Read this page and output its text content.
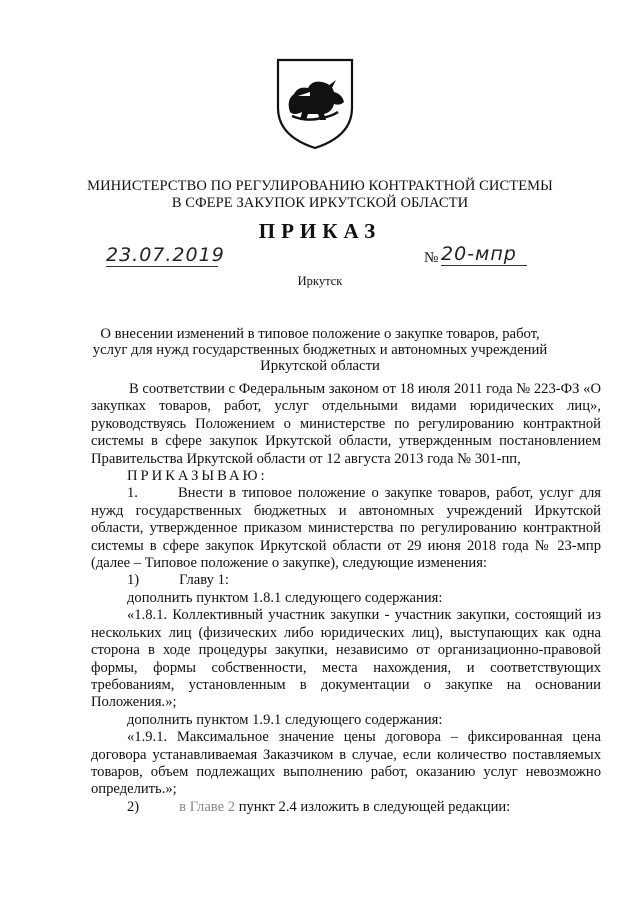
МИНИСТЕРСТВО ПО РЕГУЛИРОВАНИЮ КОНТРАКТНОЙ СИСТЕМЫ
В СФЕРЕ ЗАКУПОК ИРКУТСКОЙ ОБЛАСТИ
ПРИКАЗ
23.07.2019	№ 20-мпр
Иркутск
О внесении изменений в типовое положение о закупке товаров, работ, услуг для нужд государственных бюджетных и автономных учреждений Иркутской области

В соответствии с Федеральным законом от 18 июля 2011 года № 223-ФЗ «О закупках товаров, работ, услуг отдельными видами юридических лиц», руководствуясь Положением о министерстве по регулированию контрактной системы в сфере закупок Иркутской области, утвержденным постановлением Правительства Иркутской области от 12 августа 2013 года № 301-пп,

ПРИКАЗЫВАЮ:

1.	Внести в типовое положение о закупке товаров, работ, услуг для нужд государственных бюджетных и автономных учреждений Иркутской области, утвержденное приказом министерства по регулированию контрактной системы в сфере закупок Иркутской области от 29 июня 2018 года № 23-мпр (далее – Типовое положение о закупке), следующие изменения:

1)	Главу 1:

дополнить пунктом 1.8.1 следующего содержания:

«1.8.1. Коллективный участник закупки - участник закупки, состоящий из нескольких лиц (физических либо юридических лиц), выступающих как одна сторона в ходе процедуры закупки, независимо от организационно-правовой формы, формы собственности, места нахождения, и соответствующих требованиям, установленным в документации о закупке на основании Положения.»;

дополнить пунктом 1.9.1 следующего содержания:

«1.9.1. Максимальное значение цены договора – фиксированная цена договора устанавливаемая Заказчиком в случае, если количество поставляемых товаров, объем подлежащих выполнению работ, оказанию услуг невозможно определить.»;

2)	в Главе 2 пункт 2.4 изложить в следующей редакции:
